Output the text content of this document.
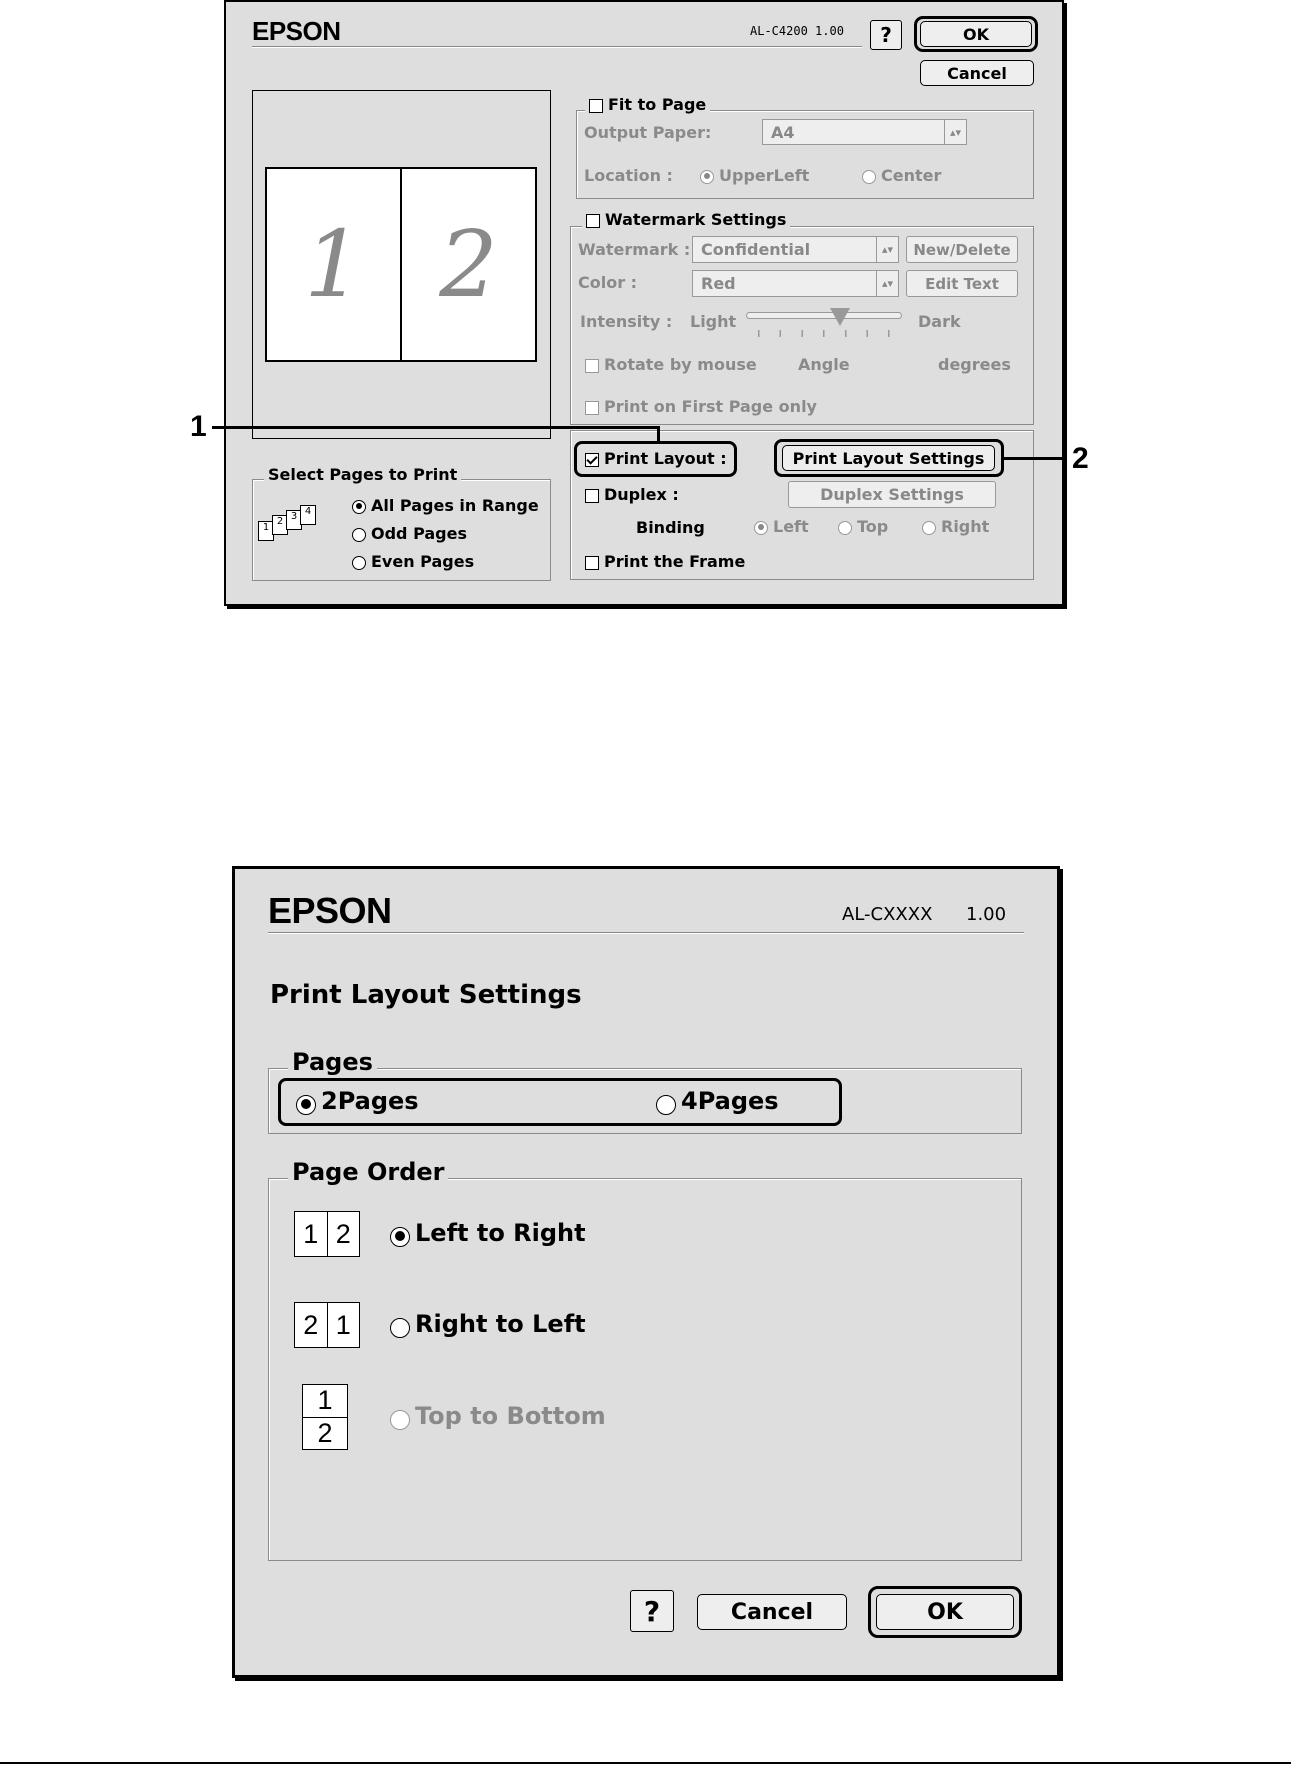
EPSON	AL-C4200 1.00 ?	OK
Cancel
1 2
Fit to Page
Output Paper:	A4	▴▾
Location :	UpperLeft	Center
Watermark Settings
Watermark : Confidential	▴▾	New/Delete
Color :	Red	▴▾	Edit Text
Intensity : Light	Dark
Rotate by mouse	Angle	degrees
Print on First Page only
Print Layout :	Print Layout Settings
Duplex :	Duplex Settings
Binding	Left	Top	Right
Print the Frame
Select Pages to Print
1
2 3 4	All Pages in Range
Odd Pages
Even Pages
1
2
EPSON	AL-CXXXX 1.00
Print Layout Settings
Pages
2Pages	4Pages
Page Order
1 2	Left to Right
2 1	Right to Left
1
2
Top to Bottom
?	Cancel	OK
